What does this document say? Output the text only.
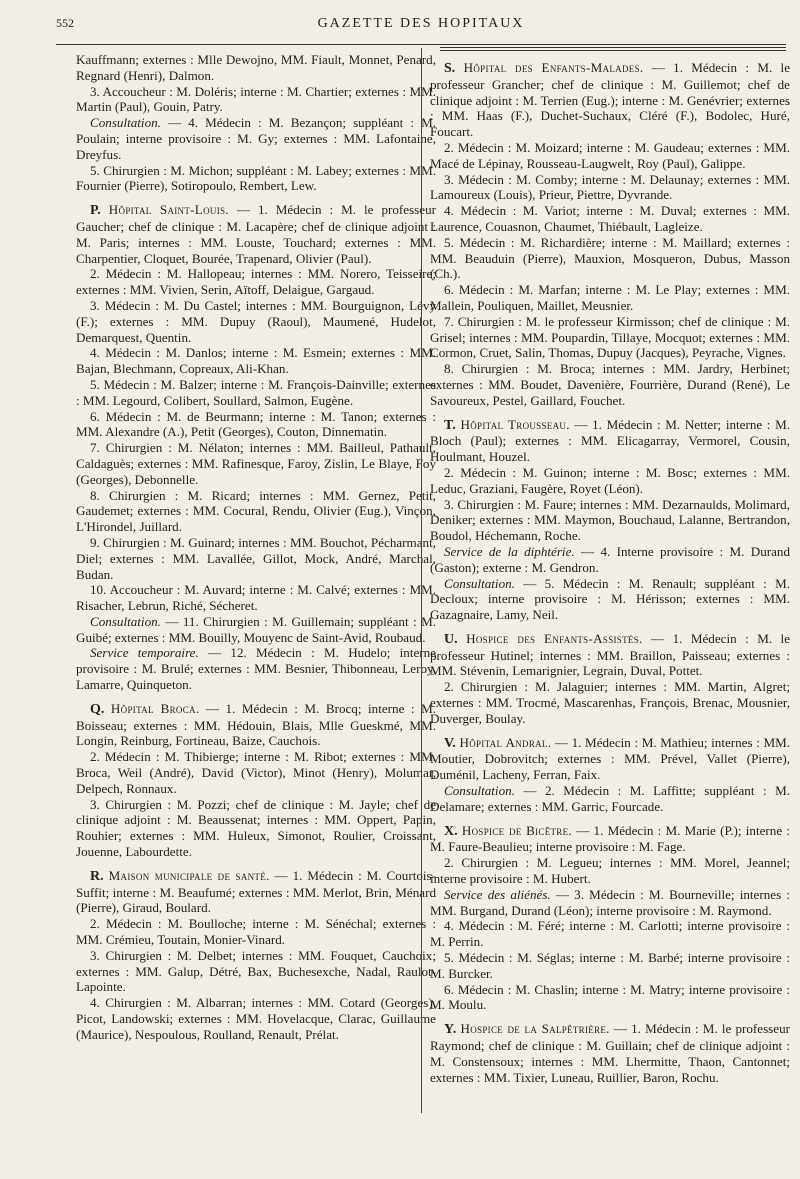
552	GAZETTE DES HOPITAUX

Kauffmann; externes : Mlle Dewojno, MM. Fiault, Monnet, Penard, Regnard (Henri), Dalmon.

3. Accoucheur : M. Doléris; interne : M. Chartier; externes : MM. Martin (Paul), Gouin, Patry.

Consultation. — 4. Médecin : M. Bezançon; suppléant : M. Poulain; interne provisoire : M. Gy; externes : MM. Lafontaine, Dreyfus.

5. Chirurgien : M. Michon; suppléant : M. Labey; externes : MM. Fournier (Pierre), Sotiropoulo, Rembert, Lew.

P. Hôpital Saint-Louis. — 1. Médecin : M. le professeur Gaucher; chef de clinique : M. Lacapère; chef de clinique adjoint : M. Paris; internes : MM. Louste, Touchard; externes : MM. Charpentier, Cloquet, Bourée, Trapenard, Olivier (Paul).

2. Médecin : M. Hallopeau; internes : MM. Norero, Teisseire; externes : MM. Vivien, Serin, Aïtoff, Delaigue, Gargaud.

3. Médecin : M. Du Castel; internes : MM. Bourguignon, Lévy (F.); externes : MM. Dupuy (Raoul), Maumené, Hudelot, Demarquest, Quentin.

4. Médecin : M. Danlos; interne : M. Esmein; externes : MM. Bajan, Blechmann, Copreaux, Ali-Khan.

5. Médecin : M. Balzer; interne : M. François-Dainville; externes : MM. Legourd, Colibert, Soullard, Salmon, Eugène.

6. Médecin : M. de Beurmann; interne : M. Tanon; externes : MM. Alexandre (A.), Petit (Georges), Couton, Dinnematin.

7. Chirurgien : M. Nélaton; internes : MM. Bailleul, Pathault, Caldaguès; externes : MM. Rafinesque, Faroy, Zislin, Le Blaye, Foy (Georges), Debonnelle.

8. Chirurgien : M. Ricard; internes : MM. Gernez, Petit, Gaudemet; externes : MM. Cocural, Rendu, Olivier (Eug.), Vinçon, L'Hirondel, Juillard.

9. Chirurgien : M. Guinard; internes : MM. Bouchot, Pécharmant, Diel; externes : MM. Lavallée, Gillot, Mock, André, Marchal, Budan.

10. Accoucheur : M. Auvard; interne : M. Calvé; externes : MM. Risacher, Lebrun, Riché, Sécheret.

Consultation. — 11. Chirurgien : M. Guillemain; suppléant : M. Guibé; externes : MM. Bouilly, Mouyenc de Saint-Avid, Roubaud.

Service temporaire. — 12. Médecin : M. Hudelo; interne provisoire : M. Brulé; externes : MM. Besnier, Thibonneau, Leroy, Lamarre, Quinqueton.

Q. Hôpital Broca. — 1. Médecin : M. Brocq; interne : M. Boisseau; externes : MM. Hédouin, Blais, Mlle Gueskmé, MM. Longin, Reinburg, Fortineau, Baize, Cauchois.

2. Médecin : M. Thibierge; interne : M. Ribot; externes : MM. Broca, Weil (André), David (Victor), Minot (Henry), Molumar, Delpech, Ronnaux.

3. Chirurgien : M. Pozzi; chef de clinique : M. Jayle; chef de clinique adjoint : M. Beaussenat; internes : MM. Oppert, Papin, Rouhier; externes : MM. Huleux, Simonot, Roulier, Croissant, Jouenne, Labourdette.

R. Maison municipale de santé. — 1. Médecin : M. Courtois-Suffit; interne : M. Beaufumé; externes : MM. Merlot, Brin, Ménard (Pierre), Giraud, Boulard.

2. Médecin : M. Boulloche; interne : M. Sénéchal; externes : MM. Crémieu, Toutain, Monier-Vinard.

3. Chirurgien : M. Delbet; internes : MM. Fouquet, Cauchoix; externes : MM. Galup, Détré, Bax, Buchesexche, Nadal, Raulot-Lapointe.

4. Chirurgien : M. Albarran; internes : MM. Cotard (Georges), Picot, Landowski; externes : MM. Hovelacque, Clarac, Guillaume (Maurice), Nespoulous, Roulland, Renault, Prélat.

S. Hôpital des Enfants-Malades. — 1. Médecin : M. le professeur Grancher; chef de clinique : M. Guillemot; chef de clinique adjoint : M. Terrien (Eug.); interne : M. Genévrier; externes : MM. Haas (F.), Duchet-Suchaux, Cléré (F.), Bodolec, Huré, Foucart.

2. Médecin : M. Moizard; interne : M. Gaudeau; externes : MM. Macé de Lépinay, Rousseau-Laugwelt, Roy (Paul), Galippe.

3. Médecin : M. Comby; interne : M. Delaunay; externes : MM. Lamoureux (Louis), Prieur, Piettre, Dyvrande.

4. Médecin : M. Variot; interne : M. Duval; externes : MM. Laurence, Couasnon, Chaumet, Thiébault, Lagleize.

5. Médecin : M. Richardière; interne : M. Maillard; externes : MM. Beauduin (Pierre), Mauxion, Mosqueron, Dubus, Masson (Ch.).

6. Médecin : M. Marfan; interne : M. Le Play; externes : MM. Mallein, Pouliquen, Maillet, Meusnier.

7. Chirurgien : M. le professeur Kirmisson; chef de clinique : M. Grisel; internes : MM. Poupardin, Tillaye, Mocquot; externes : MM. Cormon, Cruet, Salin, Thomas, Dupuy (Jacques), Peyrache, Vignes.

8. Chirurgien : M. Broca; internes : MM. Jardry, Herbinet; externes : MM. Boudet, Davenière, Fourrière, Durand (René), Le Savoureux, Pestel, Gaillard, Fouchet.

T. Hôpital Trousseau. — 1. Médecin : M. Netter; interne : M. Bloch (Paul); externes : MM. Elicagarray, Vermorel, Cousin, Houlmant, Houzel.

2. Médecin : M. Guinon; interne : M. Bosc; externes : MM. Leduc, Graziani, Faugère, Royet (Léon).

3. Chirurgien : M. Faure; internes : MM. Dezarnaulds, Molimard, Deniker; externes : MM. Maymon, Bouchaud, Lalanne, Bertrandon, Boudol, Héchemann, Roche.

Service de la diphtérie. — 4. Interne provisoire : M. Durand (Gaston); externe : M. Gendron.

Consultation. — 5. Médecin : M. Renault; suppléant : M. Decloux; interne provisoire : M. Hérisson; externes : MM. Gazagnaire, Lamy, Neil.

U. Hospice des Enfants-Assistés. — 1. Médecin : M. le professeur Hutinel; internes : MM. Braillon, Paisseau; externes : MM. Stévenin, Lemarignier, Legrain, Duval, Pottet.

2. Chirurgien : M. Jalaguier; internes : MM. Martin, Algret; externes : MM. Trocmé, Mascarenhas, François, Brenac, Mousnier, Duverger, Boulay.

V. Hôpital Andral. — 1. Médecin : M. Mathieu; internes : MM. Moutier, Dobrovitch; externes : MM. Prével, Vallet (Pierre), Duménil, Lacheny, Ferran, Faix.

Consultation. — 2. Médecin : M. Laffitte; suppléant : M. Delamare; externes : MM. Garric, Fourcade.

X. Hospice de Bicêtre. — 1. Médecin : M. Marie (P.); interne : M. Faure-Beaulieu; interne provisoire : M. Fage.

2. Chirurgien : M. Legueu; internes : MM. Morel, Jeannel; interne provisoire : M. Hubert.

Service des aliénés. — 3. Médecin : M. Bourneville; internes : MM. Burgand, Durand (Léon); interne provisoire : M. Raymond.

4. Médecin : M. Féré; interne : M. Carlotti; interne provisoire : M. Perrin.

5. Médecin : M. Séglas; interne : M. Barbé; interne provisoire : M. Burcker.

6. Médecin : M. Chaslin; interne : M. Matry; interne provisoire : M. Moulu.

Y. Hospice de la Salpêtrière. — 1. Médecin : M. le professeur Raymond; chef de clinique : M. Guillain; chef de clinique adjoint : M. Constensoux; internes : MM. Lhermitte, Thaon, Cantonnet; externes : MM. Tixier, Luneau, Ruillier, Baron, Rochu.
